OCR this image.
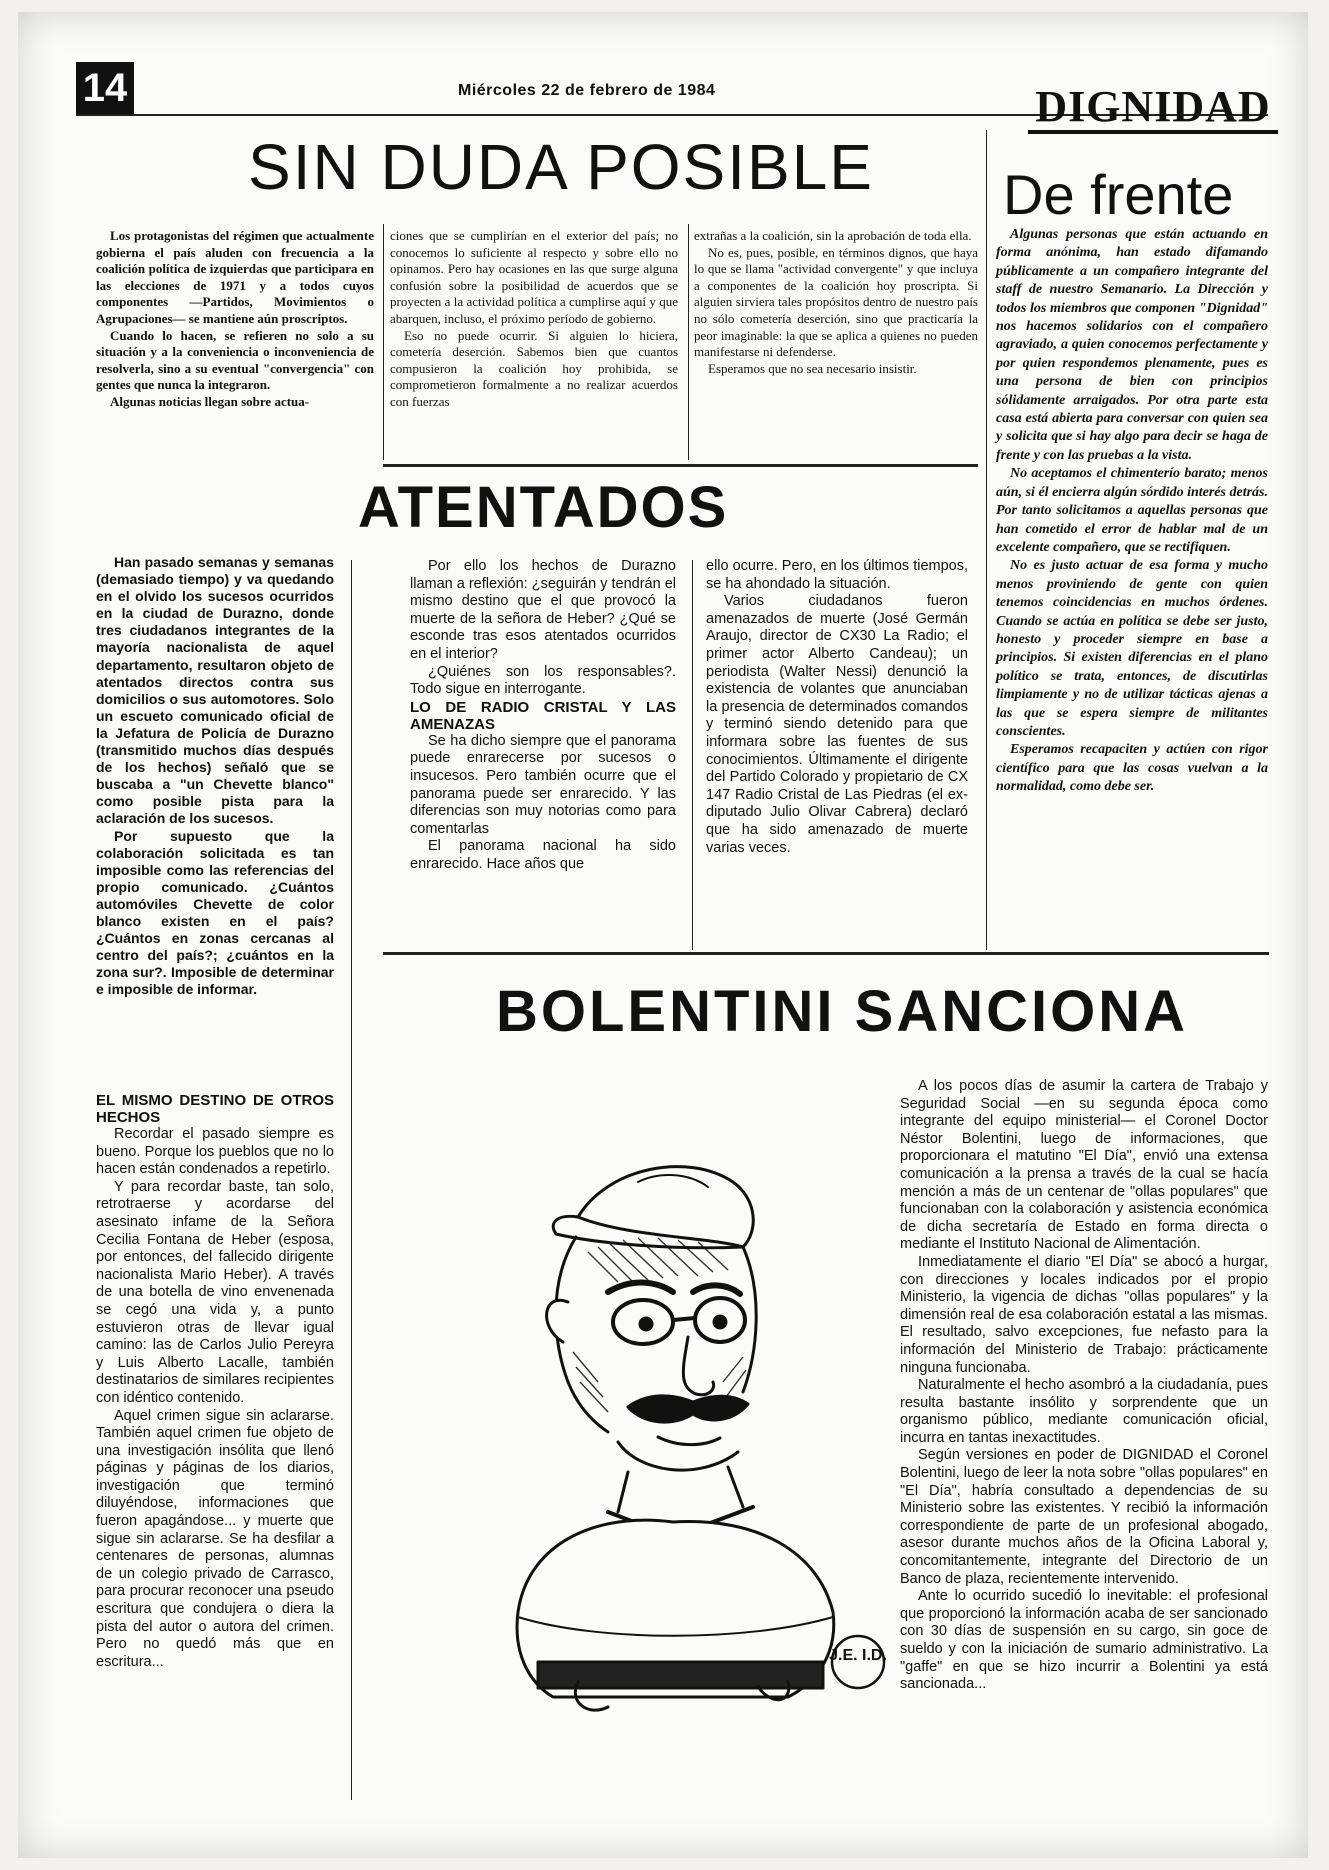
14	Miércoles 22 de febrero de 1984	DIGNIDAD
SIN DUDA POSIBLE

Los protagonistas del régimen que actualmente gobierna el país aluden con frecuencia a la coalición política de izquierdas que participara en las elecciones de 1971 y a todos cuyos componentes —Partidos, Movimientos o Agrupaciones— se mantiene aún proscriptos.

Cuando lo hacen, se refieren no solo a su situación y a la conveniencia o inconveniencia de resolverla, sino a su eventual "convergencia" con gentes que nunca la integraron.

Algunas noticias llegan sobre actua-

ciones que se cumplirían en el exterior del país; no conocemos lo suficiente al respecto y sobre ello no opinamos. Pero hay ocasiones en las que surge alguna confusión sobre la posibilidad de acuerdos que se proyecten a la actividad política a cumplirse aquí y que abarquen, incluso, el próximo período de gobierno.

Eso no puede ocurrir. Si alguien lo hiciera, cometería deserción. Sabemos bien que cuantos compusieron la coalición hoy prohibida, se comprometieron formalmente a no realizar acuerdos con fuerzas

extrañas a la coalición, sin la aprobación de toda ella.

No es, pues, posible, en términos dignos, que haya lo que se llama "actividad convergente" y que incluya a componentes de la coalición hoy proscripta. Si alguien sirviera tales propósitos dentro de nuestro país no sólo cometería deserción, sino que practicaría la peor imaginable: la que se aplica a quienes no pueden manifestarse ni defenderse.

Esperamos que no sea necesario insistir.

De frente

Algunas personas que están actuando en forma anónima, han estado difamando públicamente a un compañero integrante del staff de nuestro Semanario. La Dirección y todos los miembros que componen "Dignidad" nos hacemos solidarios con el compañero agraviado, a quien conocemos perfectamente y por quien respondemos plenamente, pues es una persona de bien con principios sólidamente arraigados. Por otra parte esta casa está abierta para conversar con quien sea y solicita que si hay algo para decir se haga de frente y con las pruebas a la vista.

No aceptamos el chimenterío barato; menos aún, si él encierra algún sórdido interés detrás. Por tanto solicitamos a aquellas personas que han cometido el error de hablar mal de un excelente compañero, que se rectifiquen.

No es justo actuar de esa forma y mucho menos proviniendo de gente con quien tenemos coincidencias en muchos órdenes. Cuando se actúa en política se debe ser justo, honesto y proceder siempre en base a principios. Si existen diferencias en el plano político se trata, entonces, de discutirlas limpiamente y no de utilizar tácticas ajenas a las que se espera siempre de militantes conscientes.

Esperamos recapaciten y actúen con rigor científico para que las cosas vuelvan a la normalidad, como debe ser.

ATENTADOS

Han pasado semanas y semanas (demasiado tiempo) y va quedando en el olvido los sucesos ocurridos en la ciudad de Durazno, donde tres ciudadanos integrantes de la mayoría nacionalista de aquel departamento, resultaron objeto de atentados directos contra sus domicilios o sus automotores. Solo un escueto comunicado oficial de la Jefatura de Policía de Durazno (transmitido muchos días después de los hechos) señaló que se buscaba a "un Chevette blanco" como posible pista para la aclaración de los sucesos.

Por supuesto que la colaboración solicitada es tan imposible como las referencias del propio comunicado. ¿Cuántos automóviles Chevette de color blanco existen en el país? ¿Cuántos en zonas cercanas al centro del país?; ¿cuántos en la zona sur?. Imposible de determinar e imposible de informar.

EL MISMO DESTINO DE OTROS HECHOS

Recordar el pasado siempre es bueno. Porque los pueblos que no lo hacen están condenados a repetirlo.

Y para recordar baste, tan solo, retrotraerse y acordarse del asesinato infame de la Señora Cecilia Fontana de Heber (esposa, por entonces, del fallecido dirigente nacionalista Mario Heber). A través de una botella de vino envenenada se cegó una vida y, a punto estuvieron otras de llevar igual camino: las de Carlos Julio Pereyra y Luis Alberto Lacalle, también destinatarios de similares recipientes con idéntico contenido.

Aquel crimen sigue sin aclararse. También aquel crimen fue objeto de una investigación insólita que llenó páginas y páginas de los diarios, investigación que terminó diluyéndose, informaciones que fueron apagándose... y muerte que sigue sin aclararse. Se ha desfilar a centenares de personas, alumnas de un colegio privado de Carrasco, para procurar reconocer una pseudo escritura que condujera o diera la pista del autor o autora del crimen. Pero no quedó más que en escritura...

Por ello los hechos de Durazno llaman a reflexión: ¿seguirán y tendrán el mismo destino que el que provocó la muerte de la señora de Heber? ¿Qué se esconde tras esos atentados ocurridos en el interior?

¿Quiénes son los responsables?. Todo sigue en interrogante.

LO DE RADIO CRISTAL Y LAS AMENAZAS

Se ha dicho siempre que el panorama puede enrarecerse por sucesos o insucesos. Pero también ocurre que el panorama puede ser enrarecido. Y las diferencias son muy notorias como para comentarlas

El panorama nacional ha sido enrarecido. Hace años que

ello ocurre. Pero, en los últimos tiempos, se ha ahondado la situación.

Varios ciudadanos fueron amenazados de muerte (José Germán Araujo, director de CX30 La Radio; el primer actor Alberto Candeau); un periodista (Walter Nessi) denunció la existencia de volantes que anunciaban la presencia de determinados comandos y terminó siendo detenido para que informara sobre las fuentes de sus conocimientos. Últimamente el dirigente del Partido Colorado y propietario de CX 147 Radio Cristal de Las Piedras (el ex-diputado Julio Olivar Cabrera) declaró que ha sido amenazado de muerte varias veces.

BOLENTINI SANCIONA

A los pocos días de asumir la cartera de Trabajo y Seguridad Social —en su segunda época como integrante del equipo ministerial— el Coronel Doctor Néstor Bolentini, luego de informaciones, que proporcionara el matutino "El Día", envió una extensa comunicación a la prensa a través de la cual se hacía mención a más de un centenar de "ollas populares" que funcionaban con la colaboración y asistencia económica de dicha secretaría de Estado en forma directa o mediante el Instituto Nacional de Alimentación.

Inmediatamente el diario "El Día" se abocó a hurgar, con direcciones y locales indicados por el propio Ministerio, la vigencia de dichas "ollas populares" y la dimensión real de esa colaboración estatal a las mismas. El resultado, salvo excepciones, fue nefasto para la información del Ministerio de Trabajo: prácticamente ninguna funcionaba.

Naturalmente el hecho asombró a la ciudadanía, pues resulta bastante insólito y sorprendente que un organismo público, mediante comunicación oficial, incurra en tantas inexactitudes.

Según versiones en poder de DIGNIDAD el Coronel Bolentini, luego de leer la nota sobre "ollas populares" en "El Día", habría consultado a dependencias de su Ministerio sobre las existentes. Y recibió la información correspondiente de parte de un profesional abogado, asesor durante muchos años de la Oficina Laboral y, concomitantemente, integrante del Directorio de un Banco de plaza, recientemente intervenido.

Ante lo ocurrido sucedió lo inevitable: el profesional que proporcionó la información acaba de ser sancionado con 30 días de suspensión en su cargo, sin goce de sueldo y con la iniciación de sumario administrativo. La "gaffe" en que se hizo incurrir a Bolentini ya está sancionada...

J.E. I.D.
